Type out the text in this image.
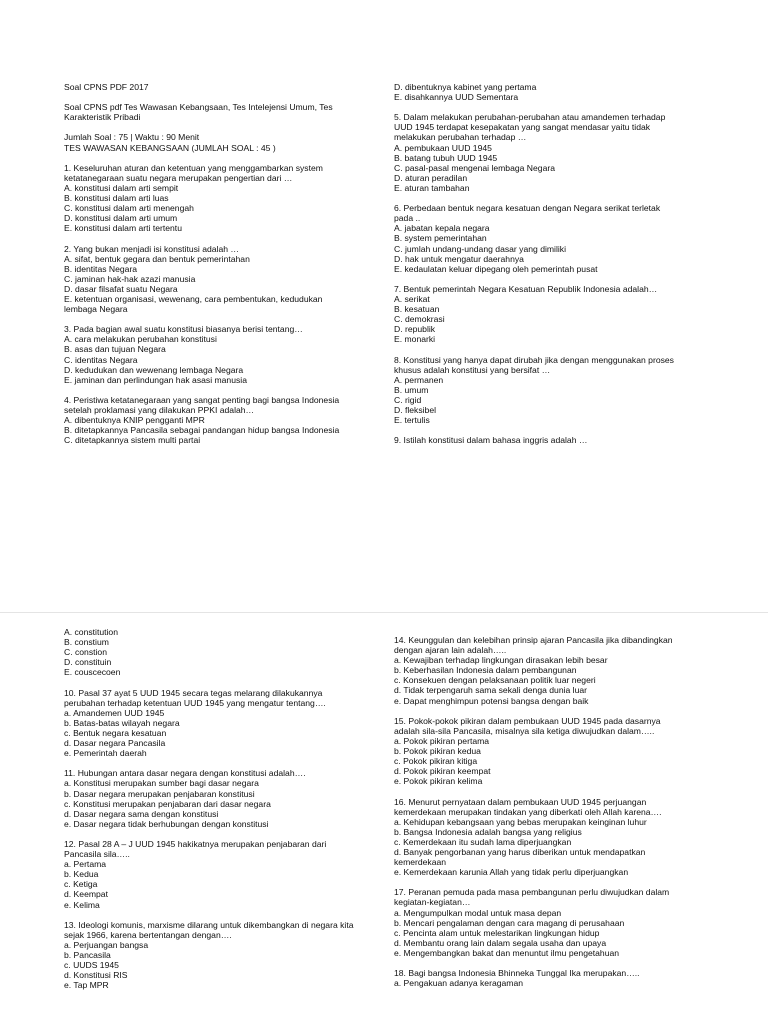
Soal CPNS PDF 2017
Soal CPNS pdf Tes Wawasan Kebangsaan, Tes Intelejensi Umum, Tes
Karakteristik Pribadi
Jumlah Soal : 75 | Waktu : 90 Menit
TES WAWASAN KEBANGSAAN (JUMLAH SOAL : 45 )
1. Keseluruhan aturan dan ketentuan yang menggambarkan system
ketatanegaraan suatu negara merupakan pengertian dari …
A. konstitusi dalam arti sempit
B. konstitusi dalam arti luas
C. konstitusi dalam arti menengah
D. konstitusi dalam arti umum
E. konstitusi dalam arti tertentu
2. Yang bukan menjadi isi konstitusi adalah …
A. sifat, bentuk gegara dan bentuk pemerintahan
B. identitas Negara
C. jaminan hak-hak azazi manusia
D. dasar filsafat suatu Negara
E. ketentuan organisasi, wewenang, cara pembentukan, kedudukan
lembaga Negara
3. Pada bagian awal suatu konstitusi biasanya berisi tentang…
A. cara melakukan perubahan konstitusi
B. asas dan tujuan Negara
C. identitas Negara
D. kedudukan dan wewenang lembaga Negara
E. jaminan dan perlindungan hak asasi manusia
4. Peristiwa ketatanegaraan yang sangat penting bagi bangsa Indonesia
setelah proklamasi yang dilakukan PPKI adalah…
A. dibentuknya KNIP pengganti MPR
B. ditetapkannya Pancasila sebagai pandangan hidup bangsa Indonesia
C. ditetapkannya sistem multi partai
D. dibentuknya kabinet yang pertama
E. disahkannya UUD Sementara
5. Dalam melakukan perubahan-perubahan atau amandemen terhadap
UUD 1945 terdapat kesepakatan yang sangat mendasar yaitu tidak
melakukan perubahan terhadap …
A. pembukaan UUD 1945
B. batang tubuh UUD 1945
C. pasal-pasal mengenai lembaga Negara
D. aturan peradilan
E. aturan tambahan
6. Perbedaan bentuk negara kesatuan dengan Negara serikat terletak
pada ..
A. jabatan kepala negara
B. system pemerintahan
C. jumlah undang-undang dasar yang dimiliki
D. hak untuk mengatur daerahnya
E. kedaulatan keluar dipegang oleh pemerintah pusat
7. Bentuk pemerintah Negara Kesatuan Republik Indonesia adalah…
A. serikat
B. kesatuan
C. demokrasi
D. republik
E. monarki
8. Konstitusi yang hanya dapat dirubah jika dengan menggunakan proses
khusus adalah konstitusi yang bersifat …
A. permanen
B. umum
C. rigid
D. fleksibel
E. tertulis
9. Istilah konstitusi dalam bahasa inggris adalah …
A. constitution
B. constium
C. constion
D. constituin
E. couscecoen
10. Pasal 37 ayat 5 UUD 1945 secara tegas melarang dilakukannya
perubahan terhadap ketentuan UUD 1945 yang mengatur tentang….
a. Amandemen UUD 1945
b. Batas-batas wilayah negara
c. Bentuk negara kesatuan
d. Dasar negara Pancasila
e. Pemerintah daerah
11. Hubungan antara dasar negara dengan konstitusi adalah….
a. Konstitusi merupakan sumber bagi dasar negara
b. Dasar negara merupakan penjabaran konstitusi
c. Konstitusi merupakan penjabaran dari dasar negara
d. Dasar negara sama dengan konstitusi
e. Dasar negara tidak berhubungan dengan konstitusi
12. Pasal 28 A – J UUD 1945 hakikatnya merupakan penjabaran dari
Pancasila sila…..
a. Pertama
b. Kedua
c. Ketiga
d. Keempat
e. Kelima
13. Ideologi komunis, marxisme dilarang untuk dikembangkan di negara kita
sejak 1966, karena bertentangan dengan….
a. Perjuangan bangsa
b. Pancasila
c. UUDS 1945
d. Konstitusi RIS
e. Tap MPR
14. Keunggulan dan kelebihan prinsip ajaran Pancasila jika dibandingkan
dengan ajaran lain adalah…..
a. Kewajiban terhadap lingkungan dirasakan lebih besar
b. Keberhasilan Indonesia dalam pembangunan
c. Konsekuen dengan pelaksanaan politik luar negeri
d. Tidak terpengaruh sama sekali denga dunia luar
e. Dapat menghimpun potensi bangsa dengan baik
15. Pokok-pokok pikiran dalam pembukaan UUD 1945 pada dasarnya
adalah sila-sila Pancasila, misalnya sila ketiga diwujudkan dalam…..
a. Pokok pikiran pertama
b. Pokok pikiran kedua
c. Pokok pikiran kitiga
d. Pokok pikiran keempat
e. Pokok pikiran kelima
16. Menurut pernyataan dalam pembukaan UUD 1945 perjuangan
kemerdekaan merupakan tindakan yang diberkati oleh Allah karena….
a. Kehidupan kebangsaan yang bebas merupakan keinginan luhur
b. Bangsa Indonesia adalah bangsa yang religius
c. Kemerdekaan itu sudah lama diperjuangkan
d. Banyak pengorbanan yang harus diberikan untuk mendapatkan
kemerdekaan
e. Kemerdekaan karunia Allah yang tidak perlu diperjuangkan
17. Peranan pemuda pada masa pembangunan perlu diwujudkan dalam
kegiatan-kegiatan…
a. Mengumpulkan modal untuk masa depan
b. Mencari pengalaman dengan cara magang di perusahaan
c. Pencinta alam untuk melestarikan lingkungan hidup
d. Membantu orang lain dalam segala usaha dan upaya
e. Mengembangkan bakat dan menuntut ilmu pengetahuan
18. Bagi bangsa Indonesia Bhinneka Tunggal Ika merupakan…..
a. Pengakuan adanya keragaman
